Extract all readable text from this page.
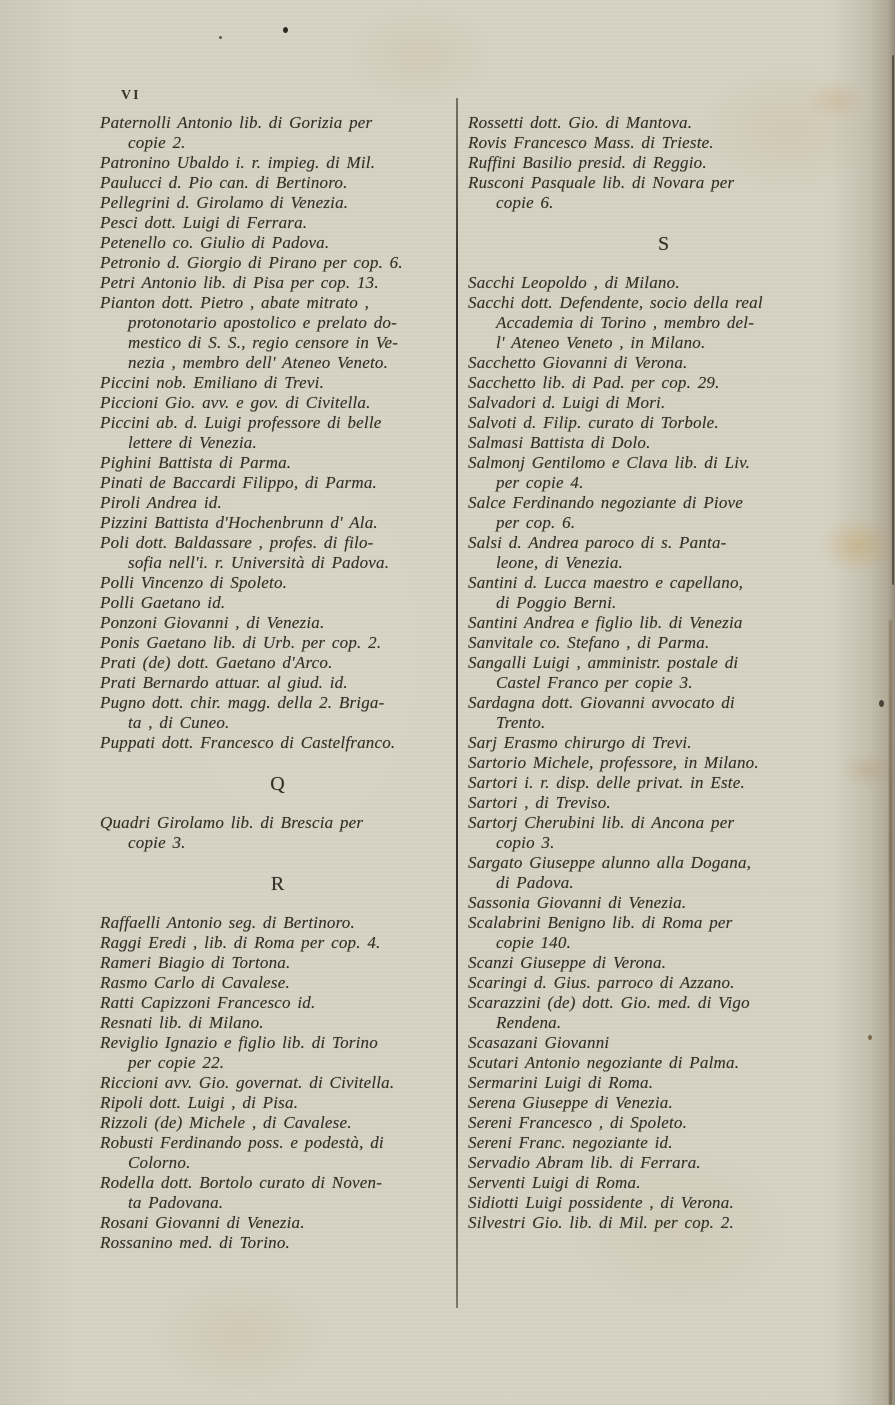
VI
Paternolli Antonio lib. di Gorizia per
copie 2.
Patronino Ubaldo i. r. impieg. di Mil.
Paulucci d. Pio can. di Bertinoro.
Pellegrini d. Girolamo di Venezia.
Pesci dott. Luigi di Ferrara.
Petenello co. Giulio di Padova.
Petronio d. Giorgio di Pirano per cop. 6.
Petri Antonio lib. di Pisa per cop. 13.
Pianton dott. Pietro , abate mitrato ,
protonotario apostolico e prelato do-
mestico di S. S., regio censore in Ve-
nezia , membro dell' Ateneo Veneto.
Piccini nob. Emiliano di Trevi.
Piccioni Gio. avv. e gov. di Civitella.
Piccini ab. d. Luigi professore di belle
lettere di Venezia.
Pighini Battista di Parma.
Pinati de Baccardi Filippo, di Parma.
Piroli Andrea id.
Pizzini Battista d'Hochenbrunn d' Ala.
Poli dott. Baldassare , profes. di filo-
sofia nell'i. r. Università di Padova.
Polli Vincenzo di Spoleto.
Polli Gaetano id.
Ponzoni Giovanni , di Venezia.
Ponis Gaetano lib. di Urb. per cop. 2.
Prati (de) dott. Gaetano d'Arco.
Prati Bernardo attuar. al giud. id.
Pugno dott. chir. magg. della 2. Briga-
ta , di Cuneo.
Puppati dott. Francesco di Castelfranco.
Q
Quadri Girolamo lib. di Brescia per
copie 3.
R
Raffaelli Antonio seg. di Bertinoro.
Raggi Eredi , lib. di Roma per cop. 4.
Rameri Biagio di Tortona.
Rasmo Carlo di Cavalese.
Ratti Capizzoni Francesco id.
Resnati lib. di Milano.
Reviglio Ignazio e figlio lib. di Torino
per copie 22.
Riccioni avv. Gio. governat. di Civitella.
Ripoli dott. Luigi , di Pisa.
Rizzoli (de) Michele , di Cavalese.
Robusti Ferdinando poss. e podestà, di
Colorno.
Rodella dott. Bortolo curato di Noven-
ta Padovana.
Rosani Giovanni di Venezia.
Rossanino med. di Torino.
Rossetti dott. Gio. di Mantova.
Rovis Francesco Mass. di Trieste.
Ruffini Basilio presid. di Reggio.
Rusconi Pasquale lib. di Novara per
copie 6.
S
Sacchi Leopoldo , di Milano.
Sacchi dott. Defendente, socio della real
Accademia di Torino , membro del-
l' Ateneo Veneto , in Milano.
Sacchetto Giovanni di Verona.
Sacchetto lib. di Pad. per cop. 29.
Salvadori d. Luigi di Mori.
Salvoti d. Filip. curato di Torbole.
Salmasi Battista di Dolo.
Salmonj Gentilomo e Clava lib. di Liv.
per copie 4.
Salce Ferdinando negoziante di Piove
per cop. 6.
Salsi d. Andrea paroco di s. Panta-
leone, di Venezia.
Santini d. Lucca maestro e capellano,
di Poggio Berni.
Santini Andrea e figlio lib. di Venezia
Sanvitale co. Stefano , di Parma.
Sangalli Luigi , amministr. postale di
Castel Franco per copie 3.
Sardagna dott. Giovanni avvocato di
Trento.
Sarj Erasmo chirurgo di Trevi.
Sartorio Michele, professore, in Milano.
Sartori i. r. disp. delle privat. in Este.
Sartori , di Treviso.
Sartorj Cherubini lib. di Ancona per
copio 3.
Sargato Giuseppe alunno alla Dogana,
di Padova.
Sassonia Giovanni di Venezia.
Scalabrini Benigno lib. di Roma per
copie 140.
Scanzi Giuseppe di Verona.
Scaringi d. Gius. parroco di Azzano.
Scarazzini (de) dott. Gio. med. di Vigo
Rendena.
Scasazani Giovanni
Scutari Antonio negoziante di Palma.
Sermarini Luigi di Roma.
Serena Giuseppe di Venezia.
Sereni Francesco , di Spoleto.
Sereni Franc. negoziante id.
Servadio Abram lib. di Ferrara.
Serventi Luigi di Roma.
Sidiotti Luigi possidente , di Verona.
Silvestri Gio. lib. di Mil. per cop. 2.
